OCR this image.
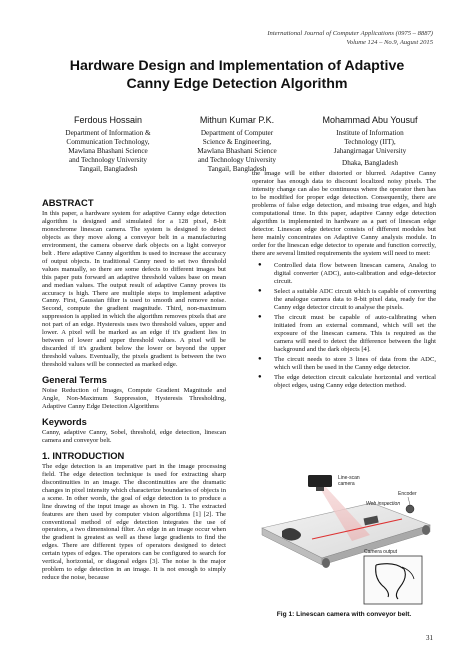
International Journal of Computer Applications (0975 – 8887)
Volume 124 – No.9, August 2015
Hardware Design and Implementation of Adaptive
Canny Edge Detection Algorithm
Ferdous Hossain
Department of Information &
Communication Technology,
Mawlana Bhashani Science
and Technology University
Tangail, Bangladesh
Mithun Kumar P.K.
Department of Computer
Science & Engineering,
Mawlana Bhashani Science
and Technology University
Tangail, Bangladesh
Mohammad Abu Yousuf
Institute of Information
Technology (IIT),
Jahangirnagar University
Dhaka, Bangladesh
ABSTRACT

In this paper, a hardware system for adaptive Canny edge detection algorithm is designed and simulated for a 128 pixel, 8-bit monochrome linescan camera. The system is designed to detect objects as they move along a conveyor belt in a manufacturing environment, the camera observe dark objects on a light conveyor belt . Here adaptive Canny algorithm is used to increase the accuracy of output objects. In traditional Canny need to set two threshold values manually, so there are some defects to different images but this paper puts forward an adaptive threshold values base on mean and median values. The output result of adaptive Canny proves its accuracy is high. There are multiple steps to implement adaptive Canny. First, Gaussian filter is used to smooth and remove noise. Second, compute the gradient magnitude. Third, non-maximum suppression is applied in which the algorithm removes pixels that are not part of an edge. Hysteresis uses two threshold values, upper and lower. A pixel will be marked as an edge if it's gradient lies in between of lower and upper threshold values. A pixel will be discarded if it's gradient below the lower or beyond the upper threshold values. Eventually, the pixels gradient is between the two threshold values will be connected as marked edge.

General Terms

Noise Reduction of Images, Compute Gradient Magnitude and Angle, Non-Maximum Suppression, Hysteresis Thresholding, Adaptive Canny Edge Detection Algorithms

Keywords

Canny, adaptive Canny, Sobel, threshold, edge detection, linescan camera and conveyor belt.

1. INTRODUCTION

The edge detection is an imperative part in the image processing field. The edge detection technique is used for extracting sharp discontinuities in an image. The discontinuities are the dramatic changes in pixel intensity which characterize boundaries of objects in a scene. In other words, the goal of edge detection is to produce a line drawing of the input image as shown in Fig. 1. The extracted features are then used by computer vision algorithms [1] [2]. The conventional method of edge detection integrates the use of operators, a two dimensional filter. An edge in an image occur when the gradient is greatest as well as these large gradients to find the edges. There are different types of operators designed to detect certain types of edges. The operators can be configured to search for vertical, horizontal, or diagonal edges [3]. The noise is the major problem to edge detection in an image. It is not enough to simply reduce the noise, because

the image will be either distorted or blurred. Adaptive Canny operator has enough data to discount localized noisy pixels. The intensity change can also be continuous where the operator then has to be modified for proper edge detection. Consequently, there are problems of false edge detection, and missing true edges, and high computational time. In this paper, adaptive Canny edge detection algorithm is implemented in hardware as a part of linescan edge detector. Linescan edge detector consists of different modules but here mainly concentrates on Adaptive Canny analysis module. In order for the linescan edge detector to operate and function correctly, there are several limited requirements the system will need to meet:

● Controlled data flow between linescan camera, Analog to digital converter (ADC), auto-calibration and edge-detector circuit.
● Select a suitable ADC circuit which is capable of converting the analogue camera data to 8-bit pixel data, ready for the Canny edge detector circuit to analyse the pixels.
● The circuit must be capable of auto-calibrating when initiated from an external command, which will set the exposure of the linescan camera. This is required as the camera will need to detect the difference between the light background and the dark objects [4].
● The circuit needs to store 3 lines of data from the ADC, which will then be used in the Canny edge detector.
● The edge detection circuit calculate horizontal and vertical object edges, using Canny edge detection method.
Line-scan
camera
Encoder
Web inspection
Camera output
Fig 1: Linescan camera with conveyor belt.
31
